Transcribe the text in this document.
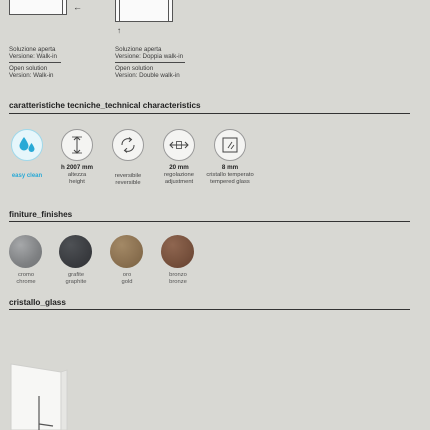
←
↑
Soluzione aperta
Versione: Walk-in
Open solution
Version: Walk-in
Soluzione aperta
Versione: Doppia walk-in
Open solution
Version: Double walk-in
caratteristiche tecniche_technical characteristics
easy clean
h 2007 mm
altezza
height
reversibile
reversible
20 mm
regolazione
adjustment
8 mm
cristallo temperato
tempered glass
finiture_finishes
cromo
chrome
grafite
graphite
oro
gold
bronzo
bronze
cristallo_glass
